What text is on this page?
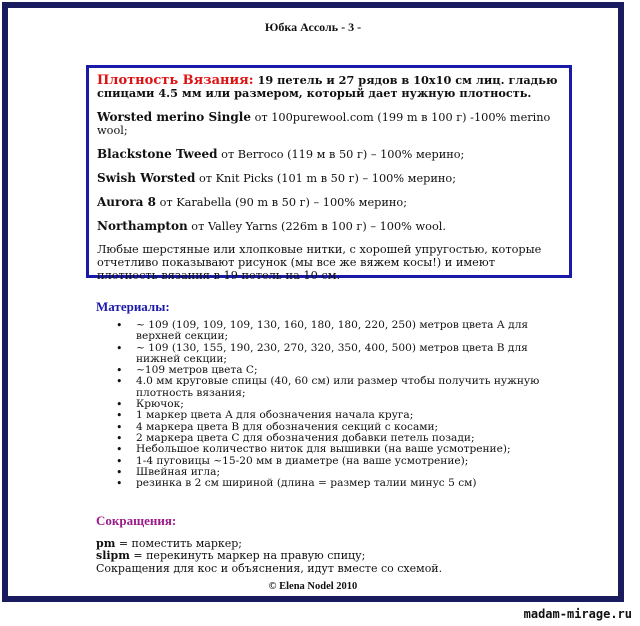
Юбка Ассоль - 3 -

Плотность Вязания: 19 петель и 27 рядов в 10x10 см лиц. гладью спицами 4.5 мм или размером, который дает нужную плотность.

Worsted merino Single от 100purewool.com (199 m в 100 г) -100% merino wool;

Blackstone Tweed от Berroco (119 м в 50 г) – 100% мерино;

Swish Worsted от Knit Picks (101 m в 50 г) – 100% мерино;

Aurora 8 от Karabella (90 m в 50 г) – 100% мерино;

Northampton от Valley Yarns (226m в 100 г) – 100% wool.

Любые шерстяные или хлопковые нитки, с хорошей упругостью, которые отчетливо показывают рисунок (мы все же вяжем косы!) и имеют плотность вязания в 19 петель на 10 см.

Материалы:
• ~ 109 (109, 109, 109, 130, 160, 180, 180, 220, 250) метров цвета А для верхней секции;
• ~ 109 (130, 155, 190, 230, 270, 320, 350, 400, 500) метров цвета B для нижней секции;
• ~109 метров цвета С;
• 4.0 мм круговые спицы (40, 60 см) или размер чтобы получить нужную плотность вязания;
• Крючок;
• 1 маркер цвета A для обозначения начала круга;
• 4 маркера цвета B для обозначения секций с косами;
• 2 маркера цвета С для обозначения добавки петель позади;
• Небольшое количество ниток для вышивки (на ваше усмотрение);
• 1-4 пуговицы ~15-20 мм в диаметре (на ваше усмотрение);
• Швейная игла;
• резинка в 2 см шириной (длина = размер талии минус 5 см)
Сокращения:

pm = поместить маркер;

slipm = перекинуть маркер на правую спицу;

Сокращения для кос и объяснения, идут вместе со схемой.

© Elena Nodel 2010
madam-mirage.ru
